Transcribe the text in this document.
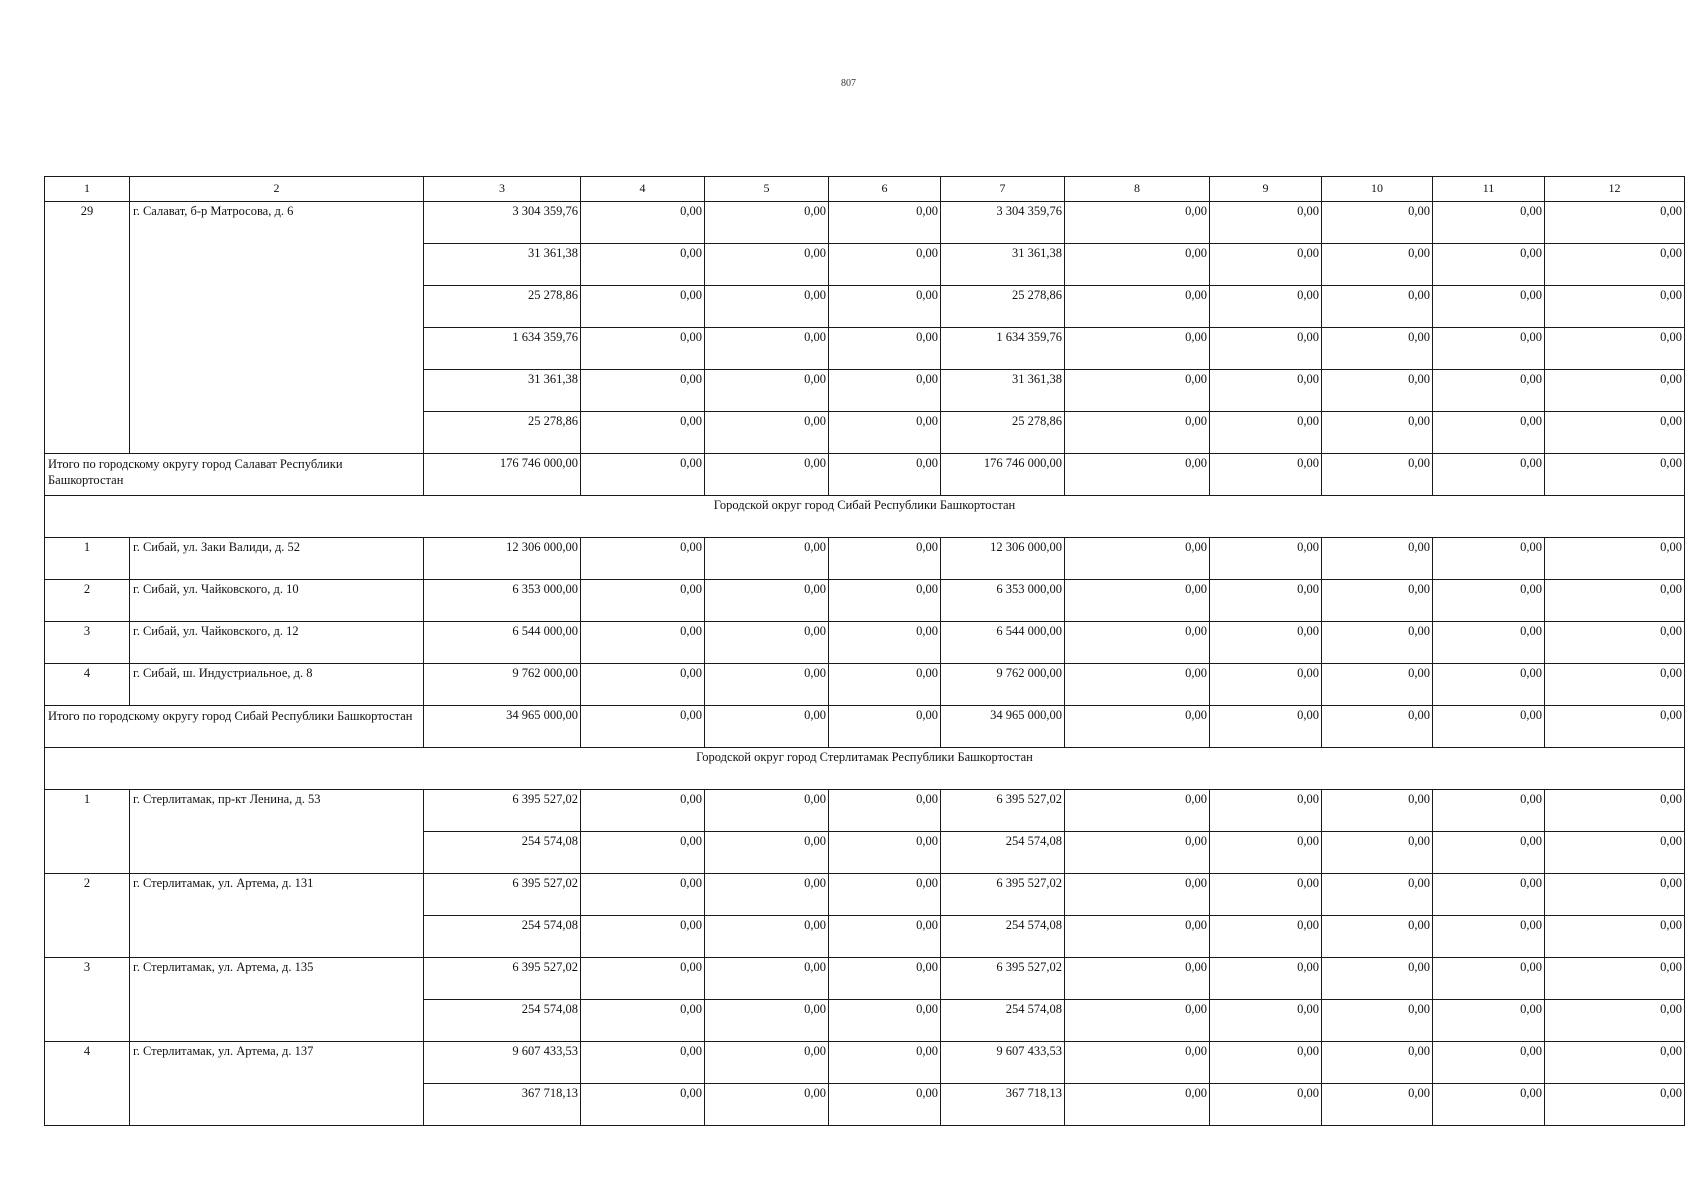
807
1	2	3	4	5	6	7	8	9	10	11	12
29	г. Салават, б-р Матросова, д. 6	3 304 359,76	0,00	0,00	0,00	3 304 359,76	0,00	0,00	0,00	0,00	0,00
		31 361,38	0,00	0,00	0,00	31 361,38	0,00	0,00	0,00	0,00	0,00
		25 278,86	0,00	0,00	0,00	25 278,86	0,00	0,00	0,00	0,00	0,00
		1 634 359,76	0,00	0,00	0,00	1 634 359,76	0,00	0,00	0,00	0,00	0,00
		31 361,38	0,00	0,00	0,00	31 361,38	0,00	0,00	0,00	0,00	0,00
		25 278,86	0,00	0,00	0,00	25 278,86	0,00	0,00	0,00	0,00	0,00
Итого по городскому округу город Салават Республики Башкортостан		176 746 000,00	0,00	0,00	0,00	176 746 000,00	0,00	0,00	0,00	0,00	0,00
Городской округ город Сибай Республики Башкортостан											
1	г. Сибай, ул. Заки Валиди, д. 52	12 306 000,00	0,00	0,00	0,00	12 306 000,00	0,00	0,00	0,00	0,00	0,00
2	г. Сибай, ул. Чайковского, д. 10	6 353 000,00	0,00	0,00	0,00	6 353 000,00	0,00	0,00	0,00	0,00	0,00
3	г. Сибай, ул. Чайковского, д. 12	6 544 000,00	0,00	0,00	0,00	6 544 000,00	0,00	0,00	0,00	0,00	0,00
4	г. Сибай, ш. Индустриальное, д. 8	9 762 000,00	0,00	0,00	0,00	9 762 000,00	0,00	0,00	0,00	0,00	0,00
Итого по городскому округу город Сибай Республики Башкортостан		34 965 000,00	0,00	0,00	0,00	34 965 000,00	0,00	0,00	0,00	0,00	0,00
Городской округ город Стерлитамак Республики Башкортостан											
1	г. Стерлитамак, пр-кт Ленина, д. 53	6 395 527,02	0,00	0,00	0,00	6 395 527,02	0,00	0,00	0,00	0,00	0,00
		254 574,08	0,00	0,00	0,00	254 574,08	0,00	0,00	0,00	0,00	0,00
2	г. Стерлитамак, ул. Артема, д. 131	6 395 527,02	0,00	0,00	0,00	6 395 527,02	0,00	0,00	0,00	0,00	0,00
		254 574,08	0,00	0,00	0,00	254 574,08	0,00	0,00	0,00	0,00	0,00
3	г. Стерлитамак, ул. Артема, д. 135	6 395 527,02	0,00	0,00	0,00	6 395 527,02	0,00	0,00	0,00	0,00	0,00
		254 574,08	0,00	0,00	0,00	254 574,08	0,00	0,00	0,00	0,00	0,00
4	г. Стерлитамак, ул. Артема, д. 137	9 607 433,53	0,00	0,00	0,00	9 607 433,53	0,00	0,00	0,00	0,00	0,00
		367 718,13	0,00	0,00	0,00	367 718,13	0,00	0,00	0,00	0,00	0,00
